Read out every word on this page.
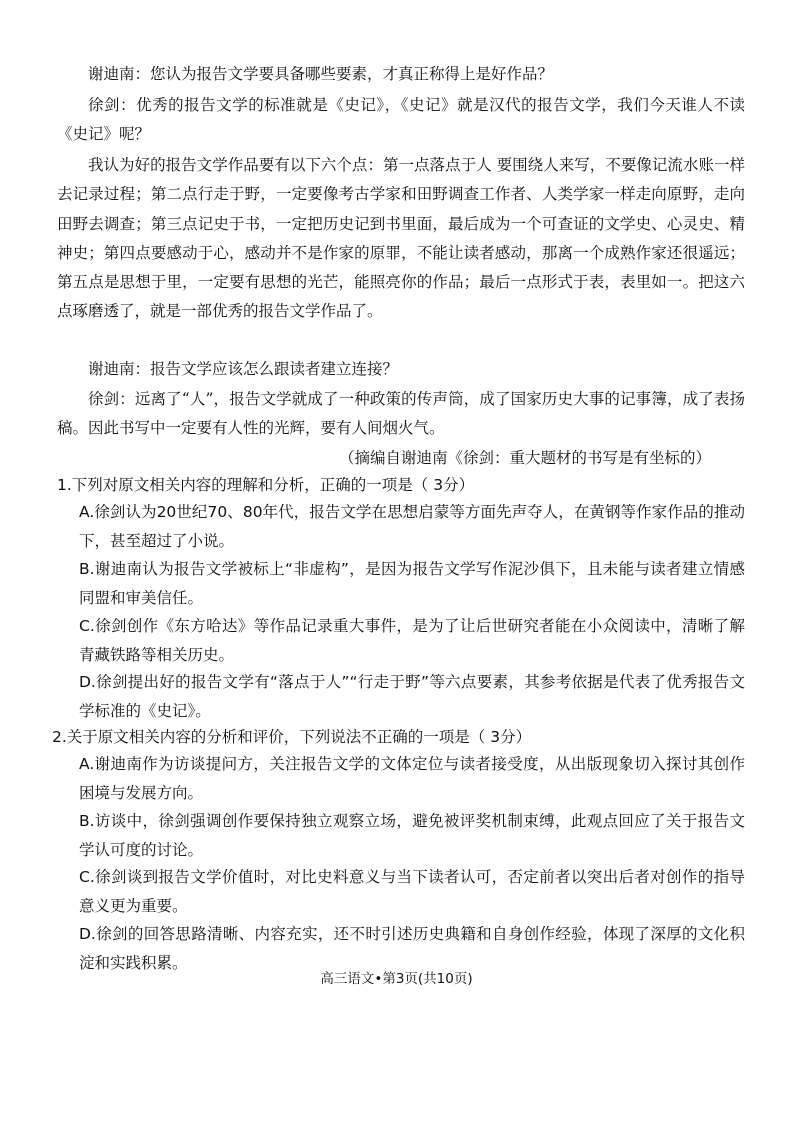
谢迪南：您认为报告文学要具备哪些要素，才真正称得上是好作品？

徐剑：优秀的报告文学的标准就是《史记》，《史记》就是汉代的报告文学，我们今天谁人不读《史记》呢？

我认为好的报告文学作品要有以下六个点：第一点落点于人 要围绕人来写，不要像记流水账一样去记录过程；第二点行走于野，一定要像考古学家和田野调查工作者、人类学家一样走向原野，走向田野去调查；第三点记史于书，一定把历史记到书里面，最后成为一个可查证的文学史、心灵史、精神史；第四点要感动于心，感动并不是作家的原罪，不能让读者感动，那离一个成熟作家还很遥远；第五点是思想于里，一定要有思想的光芒，能照亮你的作品；最后一点形式于表，表里如一。把这六点琢磨透了，就是一部优秀的报告文学作品了。

谢迪南：报告文学应该怎么跟读者建立连接？

徐剑：远离了“人”，报告文学就成了一种政策的传声筒，成了国家历史大事的记事簿，成了表扬稿。因此书写中一定要有人性的光辉，要有人间烟火气。

（摘编自谢迪南《徐剑：重大题材的书写是有坐标的）

1.下列对原文相关内容的理解和分析，正确的一项是（ 3分）

A.徐剑认为20世纪70、80年代，报告文学在思想启蒙等方面先声夺人，在黄钢等作家作品的推动下，甚至超过了小说。

B.谢迪南认为报告文学被标上“非虚构”，是因为报告文学写作泥沙俱下，且未能与读者建立情感同盟和审美信任。

C.徐剑创作《东方哈达》等作品记录重大事件，是为了让后世研究者能在小众阅读中，清晰了解青藏铁路等相关历史。

D.徐剑提出好的报告文学有“落点于人”“行走于野”等六点要素，其参考依据是代表了优秀报告文学标准的《史记》。

2.关于原文相关内容的分析和评价，下列说法不正确的一项是（ 3分）

A.谢迪南作为访谈提问方，关注报告文学的文体定位与读者接受度，从出版现象切入探讨其创作困境与发展方向。

B.访谈中，徐剑强调创作要保持独立观察立场，避免被评奖机制束缚，此观点回应了关于报告文学认可度的讨论。

C.徐剑谈到报告文学价值时，对比史料意义与当下读者认可，否定前者以突出后者对创作的指导意义更为重要。

D.徐剑的回答思路清晰、内容充实，还不时引述历史典籍和自身创作经验，体现了深厚的文化积淀和实践积累。

高三语文•第3页(共10页)
